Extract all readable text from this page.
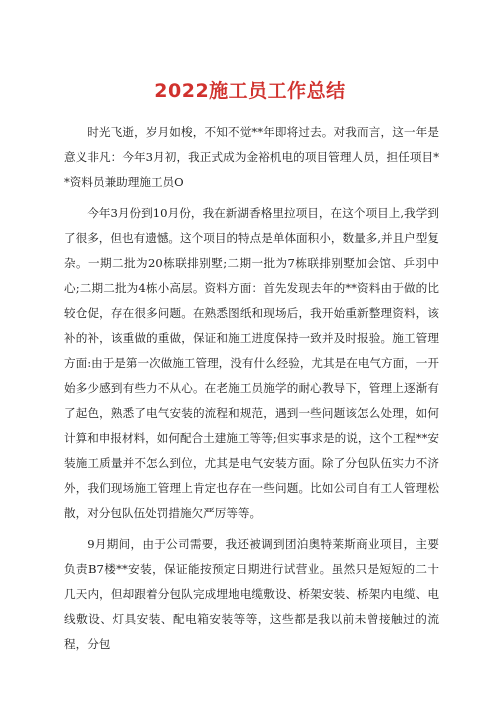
2022施工员工作总结

时光飞逝，岁月如梭，不知不觉**年即将过去。对我而言，这一年是意义非凡：今年3月初，我正式成为金裕机电的项目管理人员，担任项目**资料员兼助理施工员O

今年3月份到10月份，我在新湖香格里拉项目，在这个项目上,我学到了很多，但也有遗憾。这个项目的特点是单体面积小，数量多,并且户型复杂。一期二批为20栋联排别墅;二期一批为7栋联排别墅加会馆、乒羽中心;二期二批为4栋小高层。资料方面：首先发现去年的**资料由于做的比较仓促，存在很多问题。在熟悉图纸和现场后，我开始重新整理资料，该补的补，该重做的重做，保证和施工进度保持一致并及时报验。施工管理方面:由于是第一次做施工管理，没有什么经验，尤其是在电气方面，一开始多少感到有些力不从心。在老施工员施学的耐心教导下，管理上逐渐有了起色，熟悉了电气安装的流程和规范，遇到一些问题该怎么处理，如何计算和申报材料，如何配合土建施工等等;但实事求是的说，这个工程**安装施工质量并不怎么到位，尤其是电气安装方面。除了分包队伍实力不济外，我们现场施工管理上肯定也存在一些问题。比如公司自有工人管理松散，对分包队伍处罚措施欠严厉等等。

9月期间，由于公司需要，我还被调到团泊奥特莱斯商业项目，主要负责B7楼**安装，保证能按预定日期进行试营业。虽然只是短短的二十几天内，但却跟着分包队完成埋地电缆敷设、桥架安装、桥架内电缆、电线敷设、灯具安装、配电箱安装等等，这些都是我以前未曾接触过的流程，分包
